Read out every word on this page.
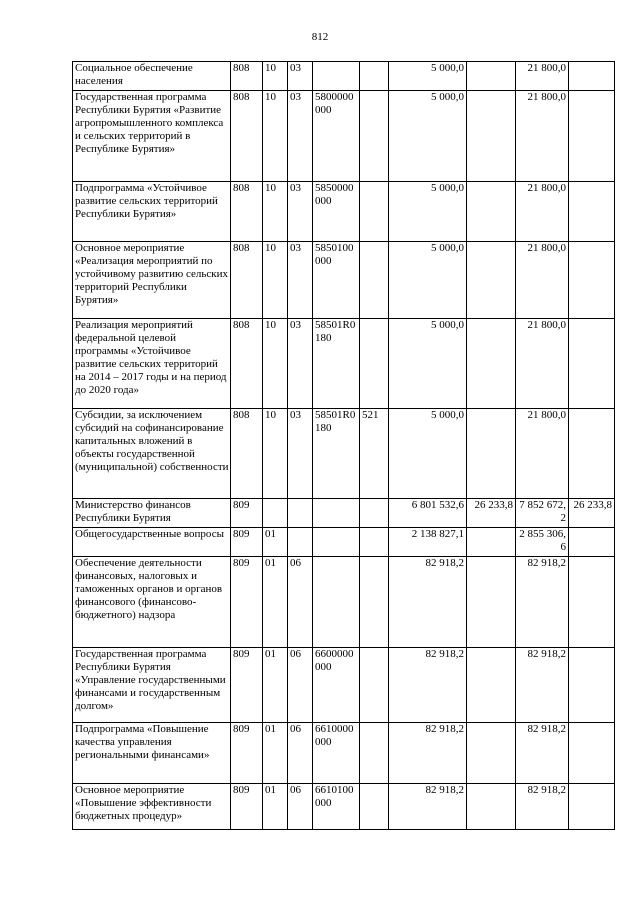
812
Социальное обеспечение населения	808	10	03			5 000,0		21 800,0	
Государственная программа Республики Бурятия «Развитие агропромышленного комплекса и сельских территорий в Республике Бурятия»	808	10	03	5800000000		5 000,0		21 800,0	
Подпрограмма «Устойчивое развитие сельских территорий Республики Бурятия»	808	10	03	5850000000		5 000,0		21 800,0	
Основное мероприятие «Реализация мероприятий по устойчивому развитию сельских территорий Республики Бурятия»	808	10	03	5850100000		5 000,0		21 800,0	
Реализация мероприятий федеральной целевой программы «Устойчивое развитие сельских территорий на 2014 – 2017 годы и на период до 2020 года»	808	10	03	58501R0180		5 000,0		21 800,0	
Субсидии, за исключением субсидий на софинансирование капитальных вложений в объекты государственной (муниципальной) собственности	808	10	03	58501R0180	521	5 000,0		21 800,0	
Министерство финансов Республики Бурятия	809					6 801 532,6	26 233,8	7 852 672,2	26 233,8
Общегосударственные вопросы	809	01				2 138 827,1		2 855 306,6	
Обеспечение деятельности финансовых, налоговых и таможенных органов и органов финансового (финансово-бюджетного) надзора	809	01	06			82 918,2		82 918,2	
Государственная программа Республики Бурятия «Управление государственными финансами и государственным долгом»	809	01	06	6600000000		82 918,2		82 918,2	
Подпрограмма «Повышение качества управления региональными финансами»	809	01	06	6610000000		82 918,2		82 918,2	
Основное мероприятие «Повышение эффективности бюджетных процедур»	809	01	06	6610100000		82 918,2		82 918,2	
